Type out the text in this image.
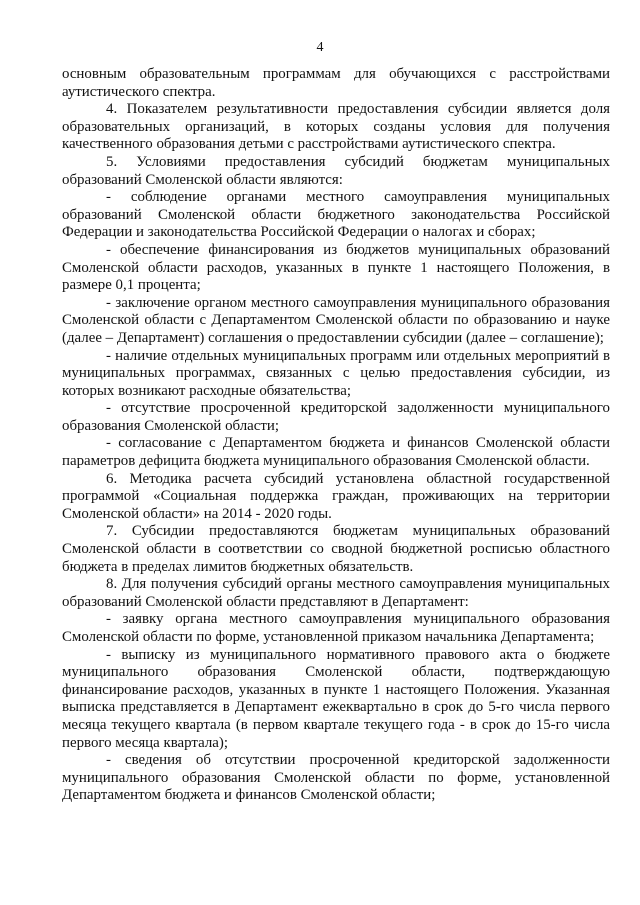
4

основным образовательным программам для обучающихся с расстройствами аутистического спектра.

4. Показателем результативности предоставления субсидии является доля образовательных организаций, в которых созданы условия для получения качественного образования детьми с расстройствами аутистического спектра.

5. Условиями предоставления субсидий бюджетам муниципальных образований Смоленской области являются:

- соблюдение органами местного самоуправления муниципальных образований Смоленской области бюджетного законодательства Российской Федерации и законодательства Российской Федерации о налогах и сборах;

- обеспечение финансирования из бюджетов муниципальных образований Смоленской области расходов, указанных в пункте 1 настоящего Положения, в размере 0,1 процента;

- заключение органом местного самоуправления муниципального образования Смоленской области с Департаментом Смоленской области по образованию и науке (далее – Департамент) соглашения о предоставлении субсидии (далее – соглашение);

- наличие отдельных муниципальных программ или отдельных мероприятий в муниципальных программах, связанных с целью предоставления субсидии, из которых возникают расходные обязательства;

- отсутствие просроченной кредиторской задолженности муниципального образования Смоленской области;

- согласование с Департаментом бюджета и финансов Смоленской области параметров дефицита бюджета муниципального образования Смоленской области.

6. Методика расчета субсидий установлена областной государственной программой «Социальная поддержка граждан, проживающих на территории Смоленской области» на 2014 - 2020 годы.

7. Субсидии предоставляются бюджетам муниципальных образований Смоленской области в соответствии со сводной бюджетной росписью областного бюджета в пределах лимитов бюджетных обязательств.

8. Для получения субсидий органы местного самоуправления муниципальных образований Смоленской области представляют в Департамент:

- заявку органа местного самоуправления муниципального образования Смоленской области по форме, установленной приказом начальника Департамента;

- выписку из муниципального нормативного правового акта о бюджете муниципального образования Смоленской области, подтверждающую финансирование расходов, указанных в пункте 1 настоящего Положения. Указанная выписка представляется в Департамент ежеквартально в срок до 5-го числа первого месяца текущего квартала (в первом квартале текущего года - в срок до 15-го числа первого месяца квартала);

- сведения об отсутствии просроченной кредиторской задолженности муниципального образования Смоленской области по форме, установленной Департаментом бюджета и финансов Смоленской области;
